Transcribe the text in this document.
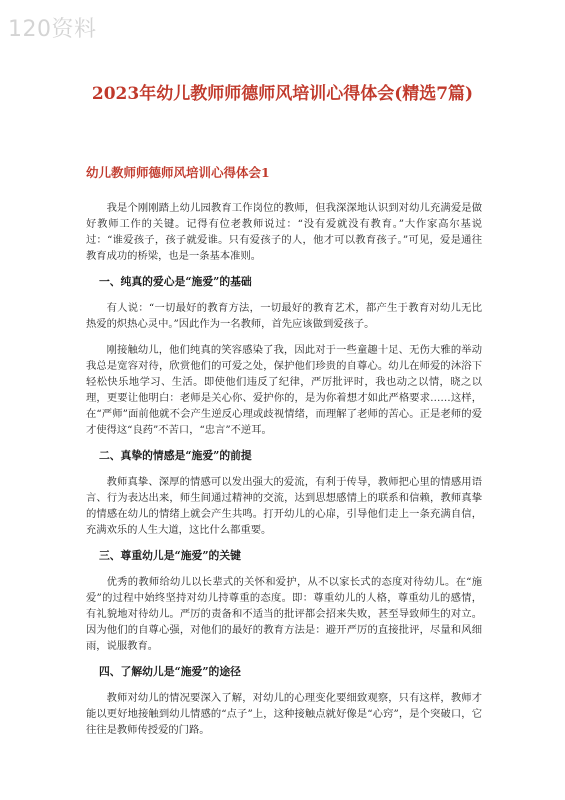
120资料
2023年幼儿教师师德师风培训心得体会(精选7篇)
幼儿教师师德师风培训心得体会1

我是个刚刚踏上幼儿园教育工作岗位的教师，但我深深地认识到对幼儿充满爱是做好教师工作的关键。记得有位老教师说过：“没有爱就没有教育。”大作家高尔基说过：“谁爱孩子，孩子就爱谁。只有爱孩子的人，他才可以教育孩子。”可见，爱是通往教育成功的桥梁，也是一条基本准则。

一、纯真的爱心是“施爱”的基础

有人说：“一切最好的教育方法，一切最好的教育艺术，都产生于教育对幼儿无比热爱的炽热心灵中。”因此作为一名教师，首先应该做到爱孩子。

刚接触幼儿，他们纯真的笑容感染了我，因此对于一些童趣十足、无伤大雅的举动我总是宽容对待，欣赏他们的可爱之处，保护他们珍贵的自尊心。幼儿在师爱的沐浴下轻松快乐地学习、生活。即使他们违反了纪律，严厉批评时，我也动之以情，晓之以理，更要让他明白：老师是关心你、爱护你的，是为你着想才如此严格要求……这样，在“严师”面前他就不会产生逆反心理或歧视情绪，而理解了老师的苦心。正是老师的爱才使得这“良药”不苦口，“忠言”不逆耳。

二、真挚的情感是“施爱”的前提

教师真挚、深厚的情感可以发出强大的爱流，有利于传导，教师把心里的情感用语言、行为表达出来，师生间通过精神的交流，达到思想感情上的联系和信赖，教师真挚的情感在幼儿的情绪上就会产生共鸣。打开幼儿的心扉，引导他们走上一条充满自信，充满欢乐的人生大道，这比什么都重要。

三、尊重幼儿是“施爱”的关键

优秀的教师给幼儿以长辈式的关怀和爱护，从不以家长式的态度对待幼儿。在“施爱”的过程中始终坚持对幼儿持尊重的态度。即：尊重幼儿的人格，尊重幼儿的感情，有礼貌地对待幼儿。严厉的责备和不适当的批评都会招来失败，甚至导致师生的对立。因为他们的自尊心强，对他们的最好的教育方法是：避开严厉的直接批评，尽量和风细雨，说服教育。

四、了解幼儿是“施爱”的途径

教师对幼儿的情况要深入了解，对幼儿的心理变化要细致观察，只有这样，教师才能以更好地接触到幼儿情感的“点子”上，这种接触点就好像是“心窍”，是个突破口，它往往是教师传授爱的门路。
